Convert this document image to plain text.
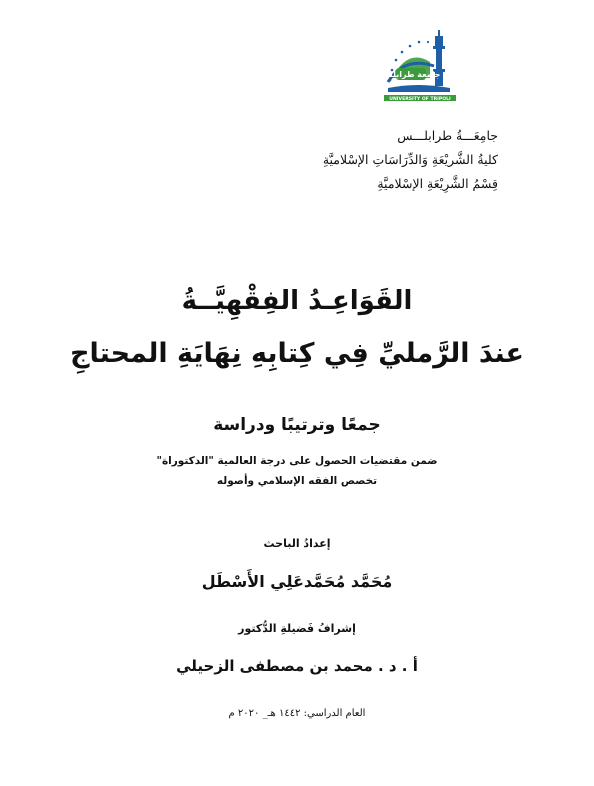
جامعة طرابلس
UNIVERSITY OF TRIPOLI
جامِعَـــةُ طرابلـــس
كليةُ الشَّريْعَةِ وَالدِّرَاسَاتِ الإسْلاميَّةِ
قِسْمُ الشَّرِيْعَةِ الإسْلاميَّةِ
القَوَاعِـدُ الفِقْهِيَّــةُ
عندَ الرَّمليِّ فِي كِتابِهِ نِهَايَةِ المحتاجِ
جمعًا وترتيبًا ودراسة
ضمن مقتضيات الحصول على درجة العالمية "الدكتوراة"
تخصص الفقه الإسلامي وأصوله
إعدادُ الباحث
مُحَمَّد مُحَمَّدعَلِي الأَسْطَل
إشرافُ فَضيلةِ الدُّكتور
أ . د . محمد بن مصطفى الزحيلي
العام الدراسي: ١٤٤٢ هـ_ ٢٠٢٠ م
